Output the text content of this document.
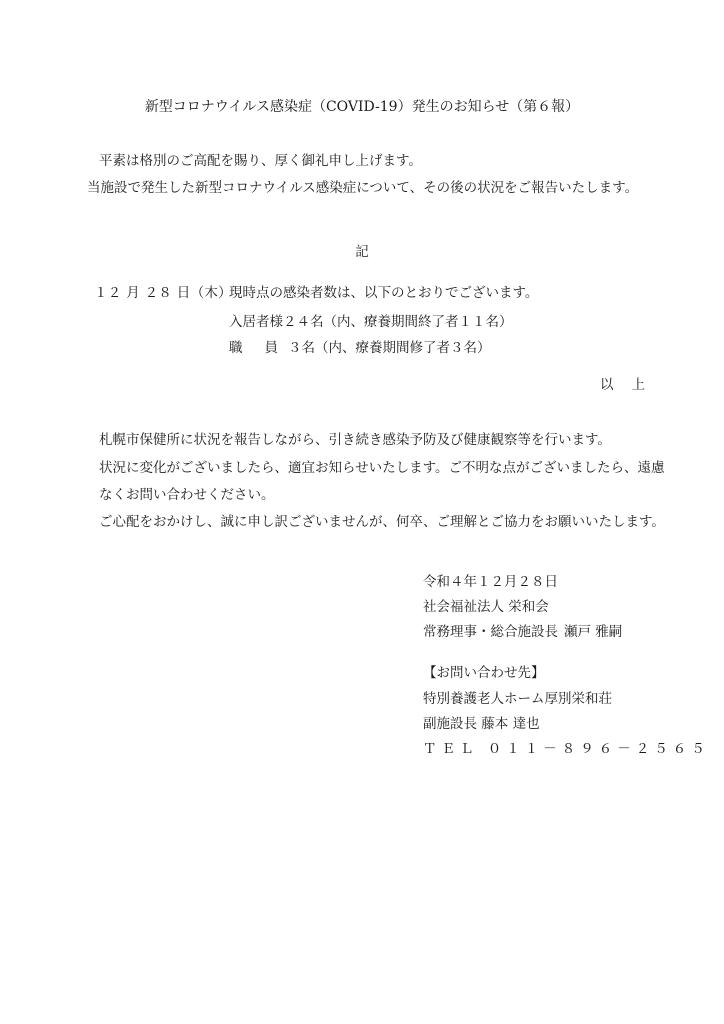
新型コロナウイルス感染症（COVID-19）発生のお知らせ（第６報）
平素は格別のご高配を賜り、厚く御礼申し上げます。
当施設で発生した新型コロナウイルス感染症について、その後の状況をご報告いたします。
記
１２ 月 ２８ 日（木）
現時点の感染者数は、以下のとおりでございます。
入居者様２４名（内、療養期間終了者１１名）
職員
３名（内、療養期間修了者３名）
以上
札幌市保健所に状況を報告しながら、引き続き感染予防及び健康観察等を行います。
状況に変化がございましたら、適宜お知らせいたします。ご不明な点がございましたら、遠慮
なくお問い合わせください。
ご心配をおかけし、誠に申し訳ございませんが、何卒、ご理解とご協力をお願いいたします。
令和４年１２月２８日
社会福祉法人 栄和会
常務理事・総合施設長 瀬戸 雅嗣
【お問い合わせ先】
特別養護老人ホーム厚別栄和荘
副施設長 藤本 達也
ＴＥＬ ０１１－８９６－２５６５
